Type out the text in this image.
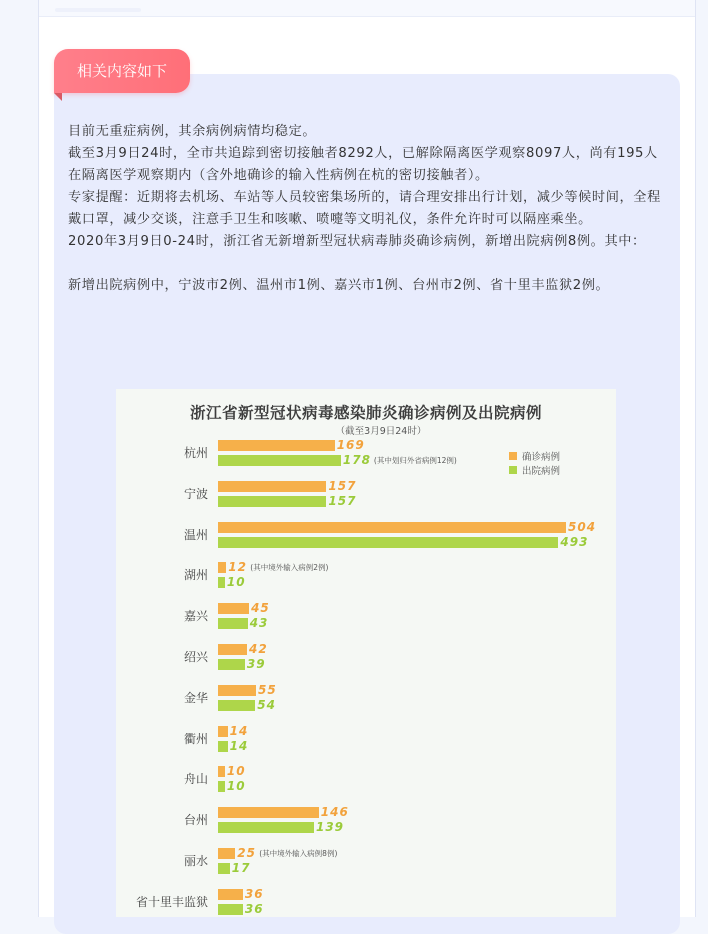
相关内容如下

目前无重症病例，其余病例病情均稳定。

截至3月9日24时，全市共追踪到密切接触者8292人，已解除隔离医学观察8097人，尚有195人在隔离医学观察期内（含外地确诊的输入性病例在杭的密切接触者）。

专家提醒：近期将去机场、车站等人员较密集场所的，请合理安排出行计划，减少等候时间，全程戴口罩，减少交谈，注意手卫生和咳嗽、喷嚏等文明礼仪，条件允许时可以隔座乘坐。

2020年3月9日0-24时，浙江省无新增新型冠状病毒肺炎确诊病例，新增出院病例8例。其中：

新增出院病例中，宁波市2例、温州市1例、嘉兴市1例、台州市2例、省十里丰监狱2例。

浙江省新型冠状病毒感染肺炎确诊病例及出院病例
（截至3月9日24时）
确诊病例
出院病例
杭州
169
178 (其中划归外省病例12例)
宁波
157
157
温州
504
493
湖州
12 (其中境外输入病例2例)
10
嘉兴
45
43
绍兴
42
39
金华
55
54
衢州
14
14
舟山
10
10
台州
146
139
丽水
25 (其中境外输入病例8例)
17
省十里丰监狱
36
36
